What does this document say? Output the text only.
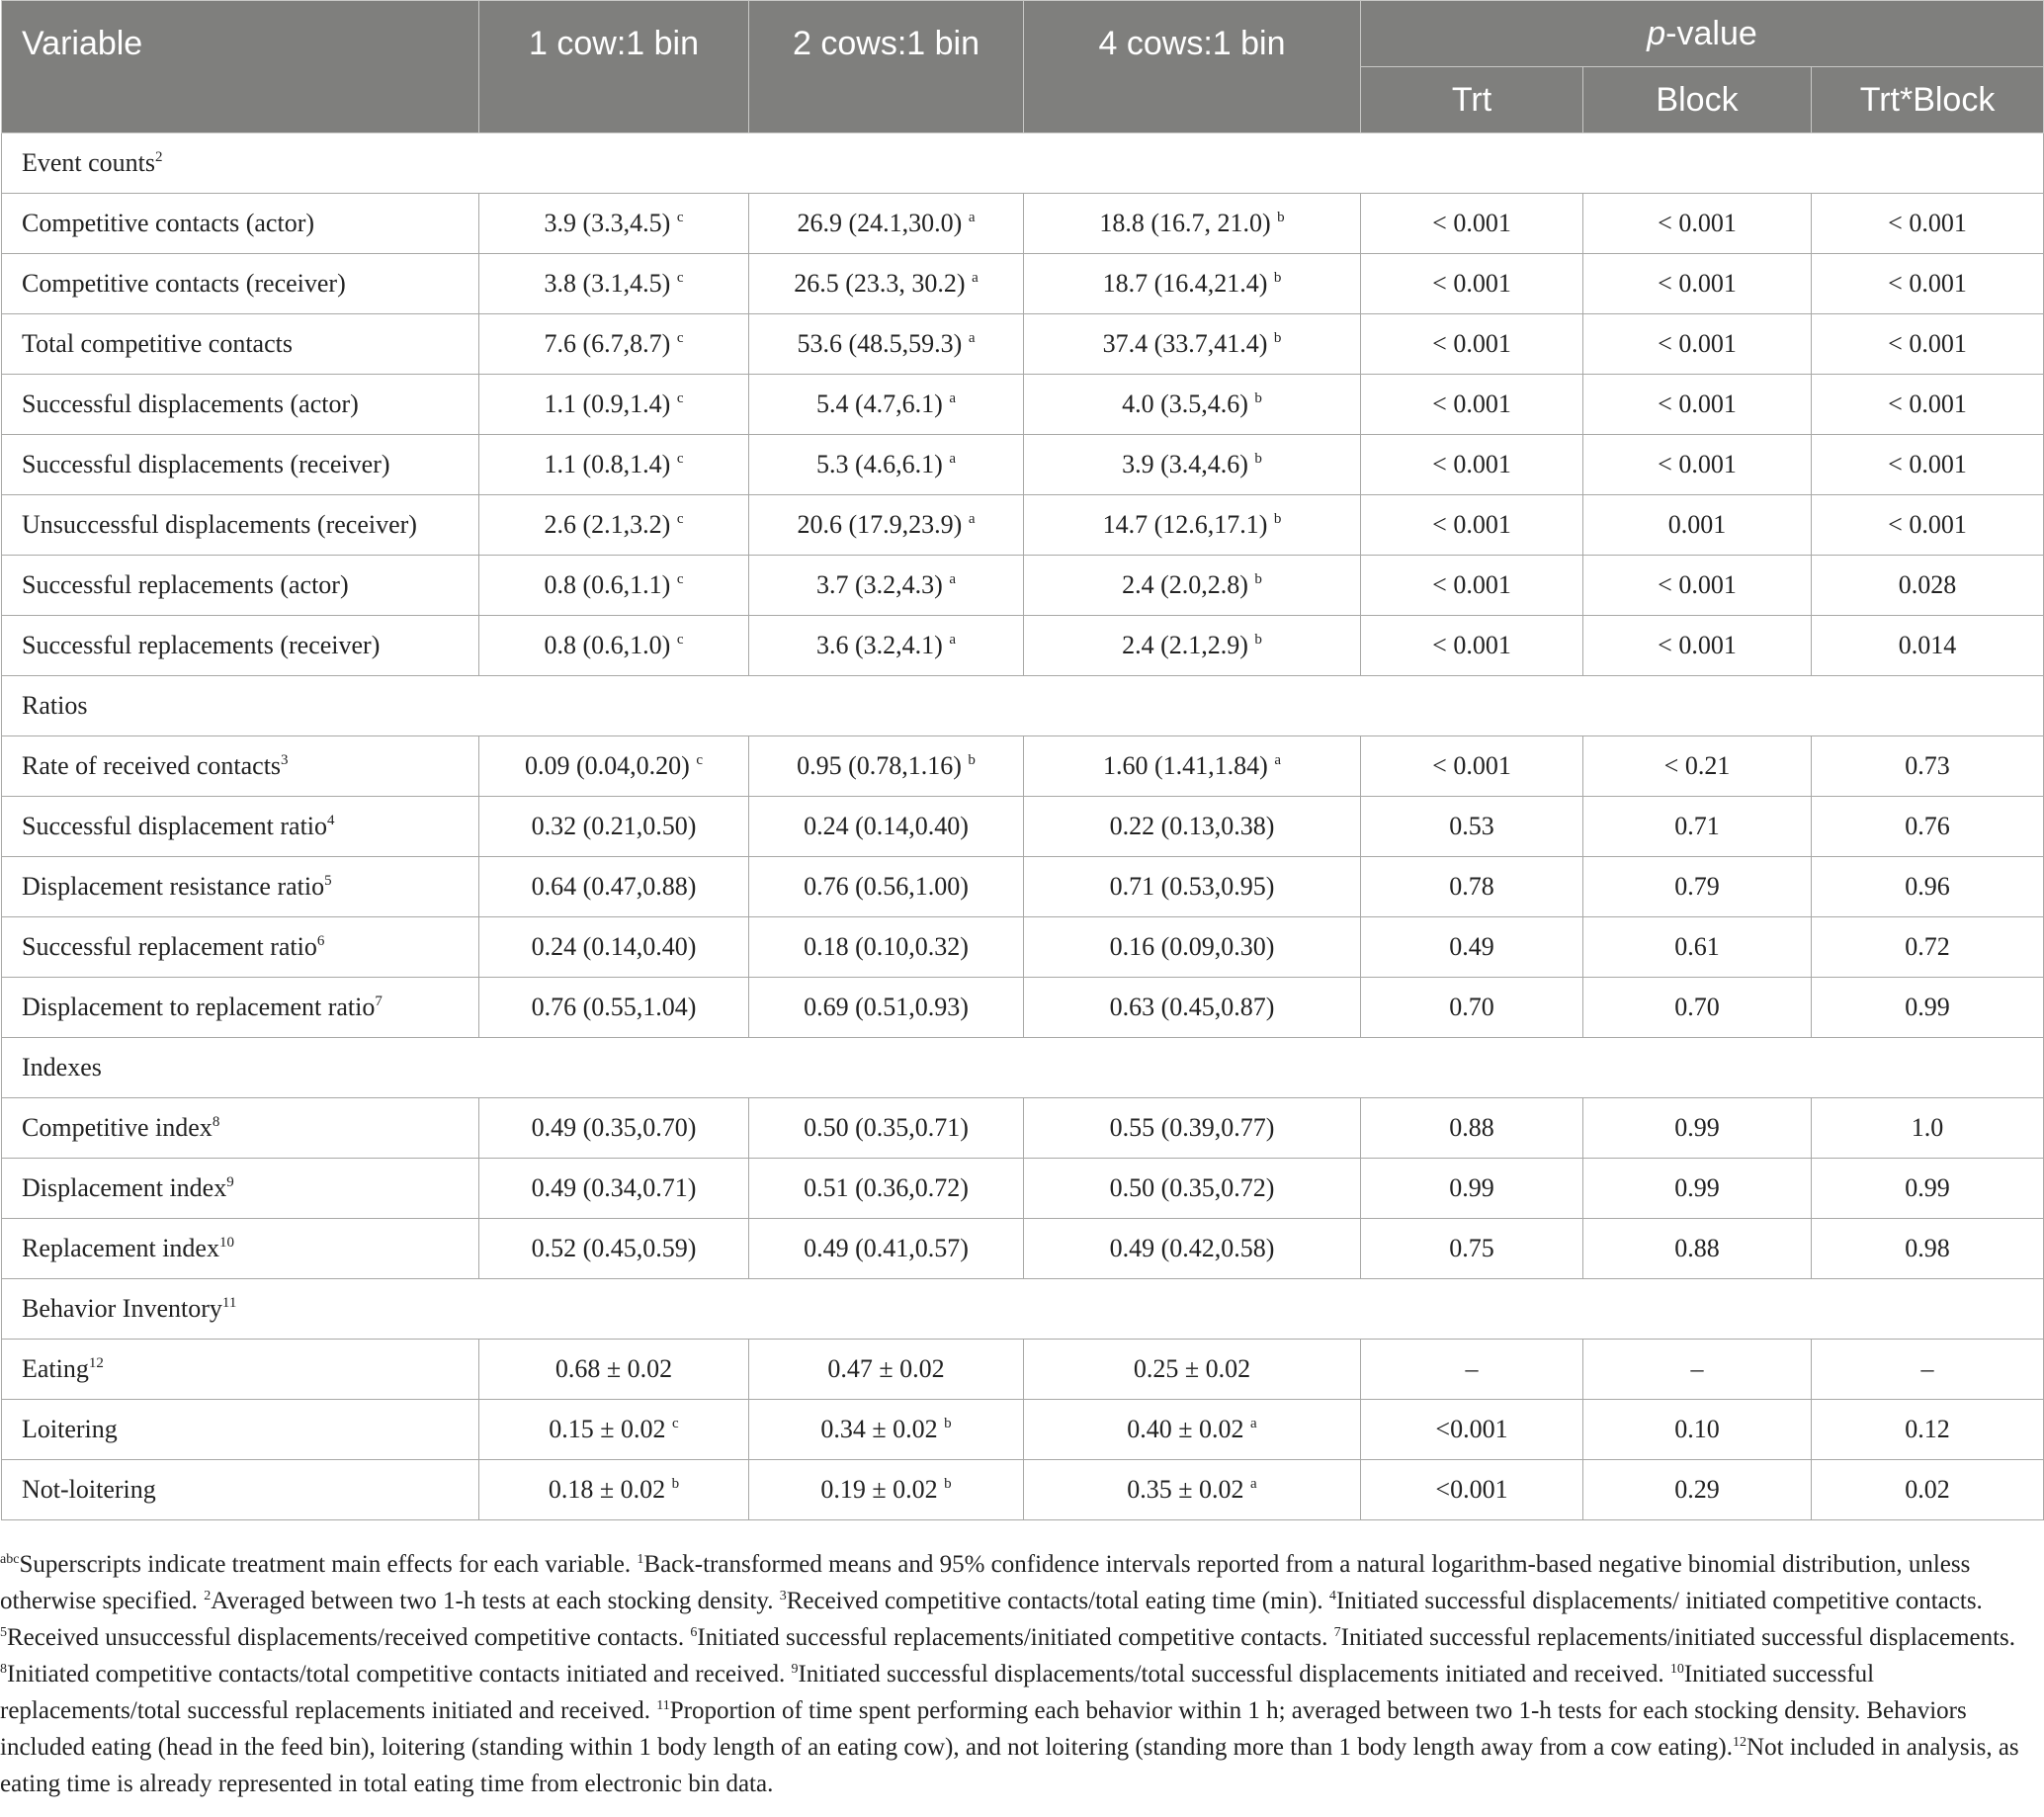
Variable	1 cow:1 bin	2 cows:1 bin	4 cows:1 bin	p-value		
				Trt	Block	Trt*Block
Event counts$^2$
Competitive contacts (actor)	3.9 (3.3,4.5) $^c$	26.9 (24.1,30.0) $^a$	18.8 (16.7, 21.0) $^b$	< 0.001	< 0.001	< 0.001
Competitive contacts (receiver)	3.8 (3.1,4.5) $^c$	26.5 (23.3, 30.2) $^a$	18.7 (16.4,21.4) $^b$	< 0.001	< 0.001	< 0.001
Total competitive contacts	7.6 (6.7,8.7) $^c$	53.6 (48.5,59.3) $^a$	37.4 (33.7,41.4) $^b$	< 0.001	< 0.001	< 0.001
Successful displacements (actor)	1.1 (0.9,1.4) $^c$	5.4 (4.7,6.1) $^a$	4.0 (3.5,4.6) $^b$	< 0.001	< 0.001	< 0.001
Successful displacements (receiver)	1.1 (0.8,1.4) $^c$	5.3 (4.6,6.1) $^a$	3.9 (3.4,4.6) $^b$	< 0.001	< 0.001	< 0.001
Unsuccessful displacements (receiver)	2.6 (2.1,3.2) $^c$	20.6 (17.9,23.9) $^a$	14.7 (12.6,17.1) $^b$	< 0.001	0.001	< 0.001
Successful replacements (actor)	0.8 (0.6,1.1) $^c$	3.7 (3.2,4.3) $^a$	2.4 (2.0,2.8) $^b$	< 0.001	< 0.001	0.028
Successful replacements (receiver)	0.8 (0.6,1.0) $^c$	3.6 (3.2,4.1) $^a$	2.4 (2.1,2.9) $^b$	< 0.001	< 0.001	0.014
Ratios						
Rate of received contacts$^3$	0.09 (0.04,0.20) $^c$	0.95 (0.78,1.16) $^b$	1.60 (1.41,1.84) $^a$	< 0.001	< 0.21	0.73
Successful displacement ratio$^4$	0.32 (0.21,0.50)	0.24 (0.14,0.40)	0.22 (0.13,0.38)	0.53	0.71	0.76
Displacement resistance ratio$^5$	0.64 (0.47,0.88)	0.76 (0.56,1.00)	0.71 (0.53,0.95)	0.78	0.79	0.96
Successful replacement ratio$^6$	0.24 (0.14,0.40)	0.18 (0.10,0.32)	0.16 (0.09,0.30)	0.49	0.61	0.72
Displacement to replacement ratio$^7$	0.76 (0.55,1.04)	0.69 (0.51,0.93)	0.63 (0.45,0.87)	0.70	0.70	0.99
Indexes						
Competitive index$^8$	0.49 (0.35,0.70)	0.50 (0.35,0.71)	0.55 (0.39,0.77)	0.88	0.99	1.0
Displacement index$^9$	0.49 (0.34,0.71)	0.51 (0.36,0.72)	0.50 (0.35,0.72)	0.99	0.99	0.99
Replacement index$^{10}$	0.52 (0.45,0.59)	0.49 (0.41,0.57)	0.49 (0.42,0.58)	0.75	0.88	0.98
Behavior Inventory$^{11}$
Eating$^{12}$	0.68 ± 0.02	0.47 ± 0.02	0.25 ± 0.02	–	–	–
Loitering	0.15 ± 0.02 $^c$	0.34 ± 0.02 $^b$	0.40 ± 0.02 $^a$	<0.001	0.10	0.12
Not-loitering	0.18 ± 0.02 $^b$	0.19 ± 0.02 $^b$	0.35 ± 0.02 $^a$	<0.001	0.29	0.02
$^{abc}$Superscripts indicate treatment main effects for each variable. $^1$Back-transformed means and 95% confidence intervals reported from a natural logarithm-based negative binomial distribution, unless otherwise specified. $^2$Averaged between two 1-h tests at each stocking density. $^3$Received competitive contacts/total eating time (min). $^4$Initiated successful displacements/ initiated competitive contacts. $^5$Received unsuccessful displacements/received competitive contacts. $^6$Initiated successful replacements/initiated competitive contacts. $^7$Initiated successful replacements/initiated successful displacements. $^8$Initiated competitive contacts/total competitive contacts initiated and received. $^9$Initiated successful displacements/total successful displacements initiated and received. $^{10}$Initiated successful replacements/total successful replacements initiated and received. $^{11}$Proportion of time spent performing each behavior within 1 h; averaged between two 1-h tests for each stocking density. Behaviors included eating (head in the feed bin), loitering (standing within 1 body length of an eating cow), and not loitering (standing more than 1 body length away from a cow eating).$^{12}$Not included in analysis, as eating time is already represented in total eating time from electronic bin data.
